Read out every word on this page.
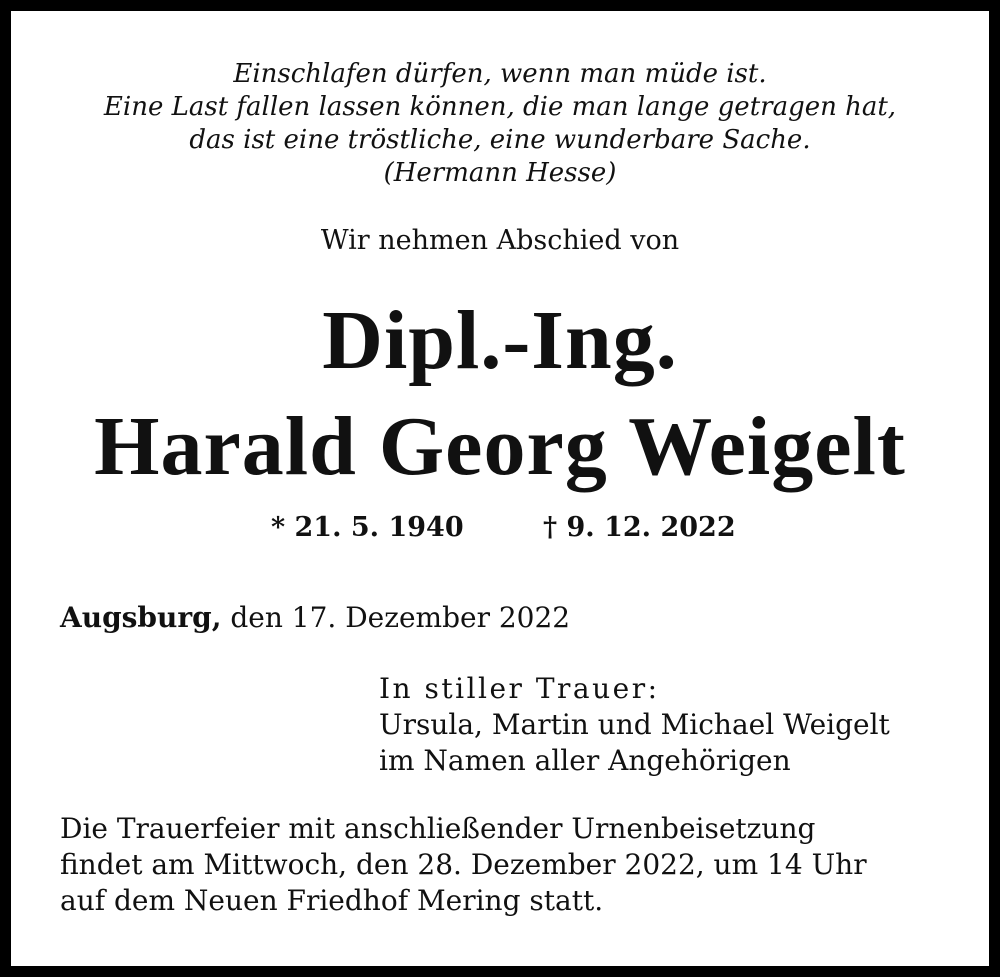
Einschlafen dürfen, wenn man müde ist.
Eine Last fallen lassen können, die man lange getragen hat,
das ist eine tröstliche, eine wunderbare Sache.
(Hermann Hesse)
Wir nehmen Abschied von
Dipl.-Ing.
Harald Georg Weigelt
* 21. 5. 1940	† 9. 12. 2022
Augsburg, den 17. Dezember 2022
In stiller Trauer:
Ursula, Martin und Michael Weigelt
im Namen aller Angehörigen
Die Trauerfeier mit anschließender Urnenbeisetzung
findet am Mittwoch, den 28. Dezember 2022, um 14 Uhr
auf dem Neuen Friedhof Mering statt.
